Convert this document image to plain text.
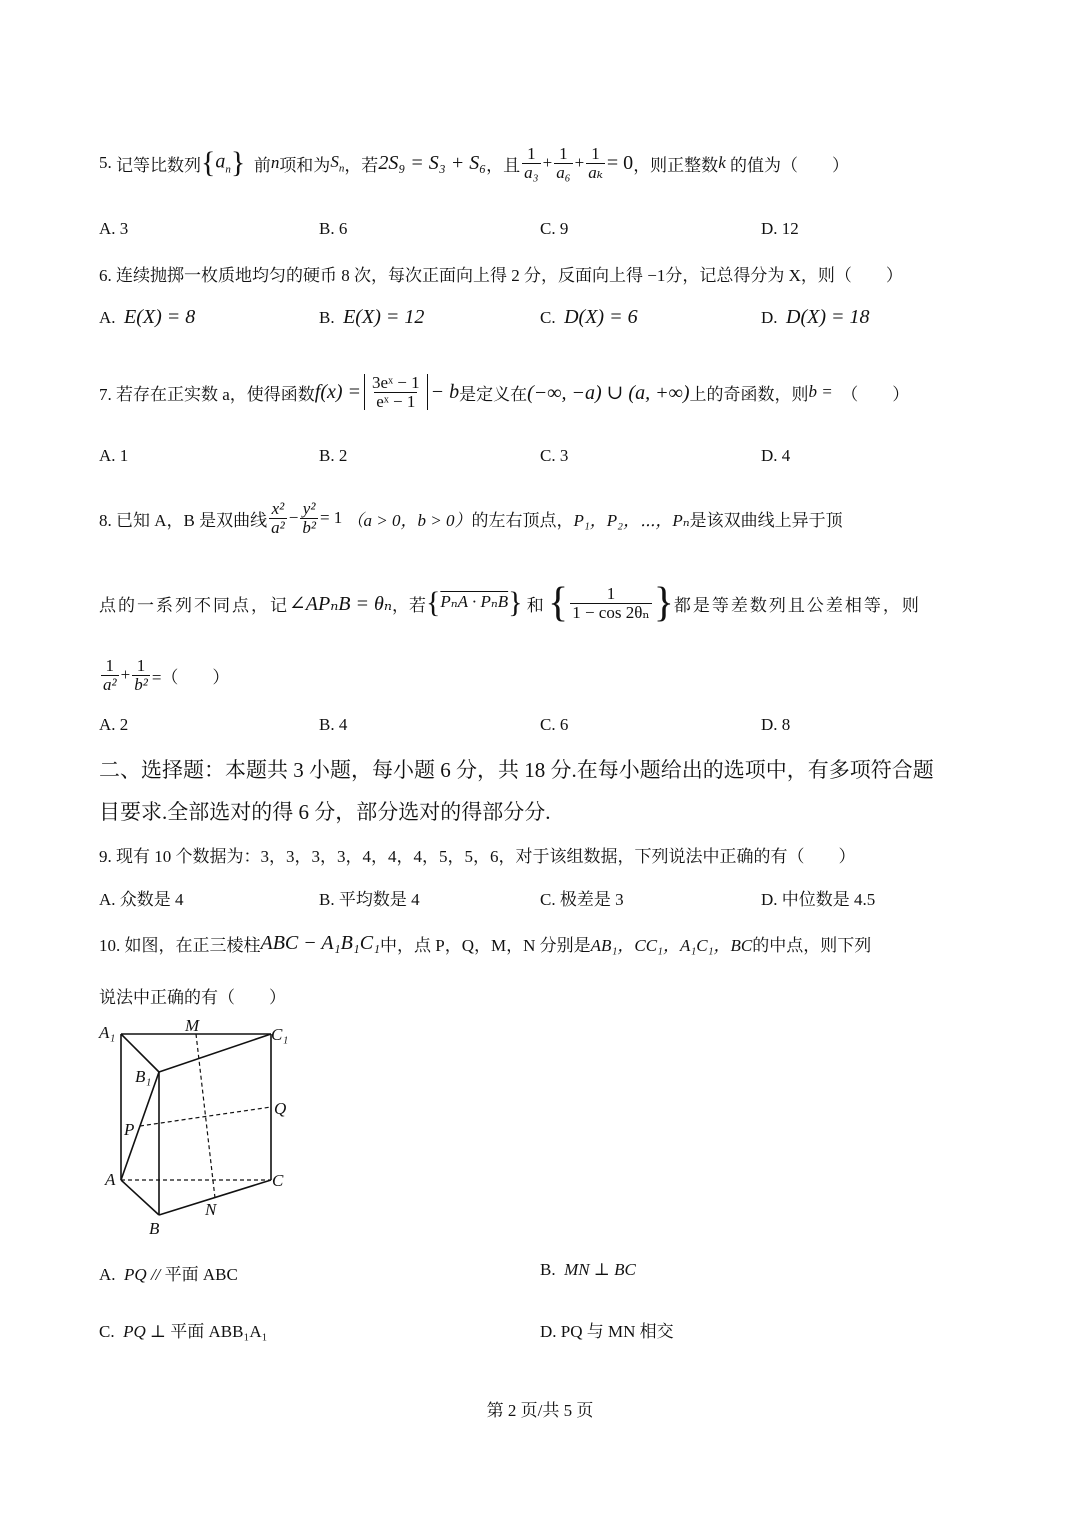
5.
记等比数列 $\{a_n\}$
前 n 项和为 $S_n$ ，若 2S₉ = S₃ + S₆ ，且 $\frac{1}{\text{a₃}} + \frac{1}{\text{a₆}} + \frac{1}{\text{aₖ}} = 0$ ，则正整数 k
的值为（　　）
A. 3	B. 6	C. 9	D. 12
6. 连续抛掷一枚质地均匀的硬币 8 次，每次正面向上得 2 分，反面向上得 −1分，记总得分为 X，则（　　）
A. E(X) = 8	B. E(X) = 12	C. D(X) = 6	D. D(X) = 18
7. 若存在正实数 a，使得函数 $f(x) = \frac{\text{3eˣ − 1}}{\text{eˣ − 1}} - b$ 是定义在 (−∞, −a) ∪ (a, +∞) 上的奇函数，则 b =
（　　）
A. 1	B. 2	C. 3	D. 4
8. 已知 A，B 是双曲线 $\frac{\text{x²}}{\text{a²}} - \frac{\text{y²}}{\text{b²}} = 1$
（a > 0，b > 0） 的左右顶点， P₁，P₂，⋯，Pₙ 是该双曲线上异于顶
点的一系列不同点，记 ∠APₙB = θₙ ，若 {PₙA · PₙB}
和
{ $\frac{1}{\text{1 − cos 2θₙ}}$ } 都是等差数列且公差相等，则
$\frac{1}{\text{a²}} + \frac{1}{\text{b²}}$ =（　　）
A. 2	B. 4	C. 6	D. 8
二、选择题：本题共 3 小题，每小题 6 分，共 18 分.在每小题给出的选项中，有多项符合题
目要求.全部选对的得 6 分，部分选对的得部分分.
9. 现有 10 个数据为：3，3，3，3，4，4，4，5，5，6，对于该组数据，下列说法中正确的有（　　）
A. 众数是 4	B. 平均数是 4	C. 极差是 3	D. 中位数是 4.5
10. 如图，在正三棱柱 ABC − A₁B₁C₁ 中，点 P，Q，M，N 分别是 AB₁，CC₁，A₁C₁，BC 的中点，则下列
说法中正确的有（　　）
A₁	M	C₁
B₁
Q
P
A	C
N
B
A. PQ // 平面 ABC	B. MN ⊥ BC
C. PQ ⊥ 平面 ABB₁A₁	D. PQ 与 MN 相交
第 2 页/共 5 页
